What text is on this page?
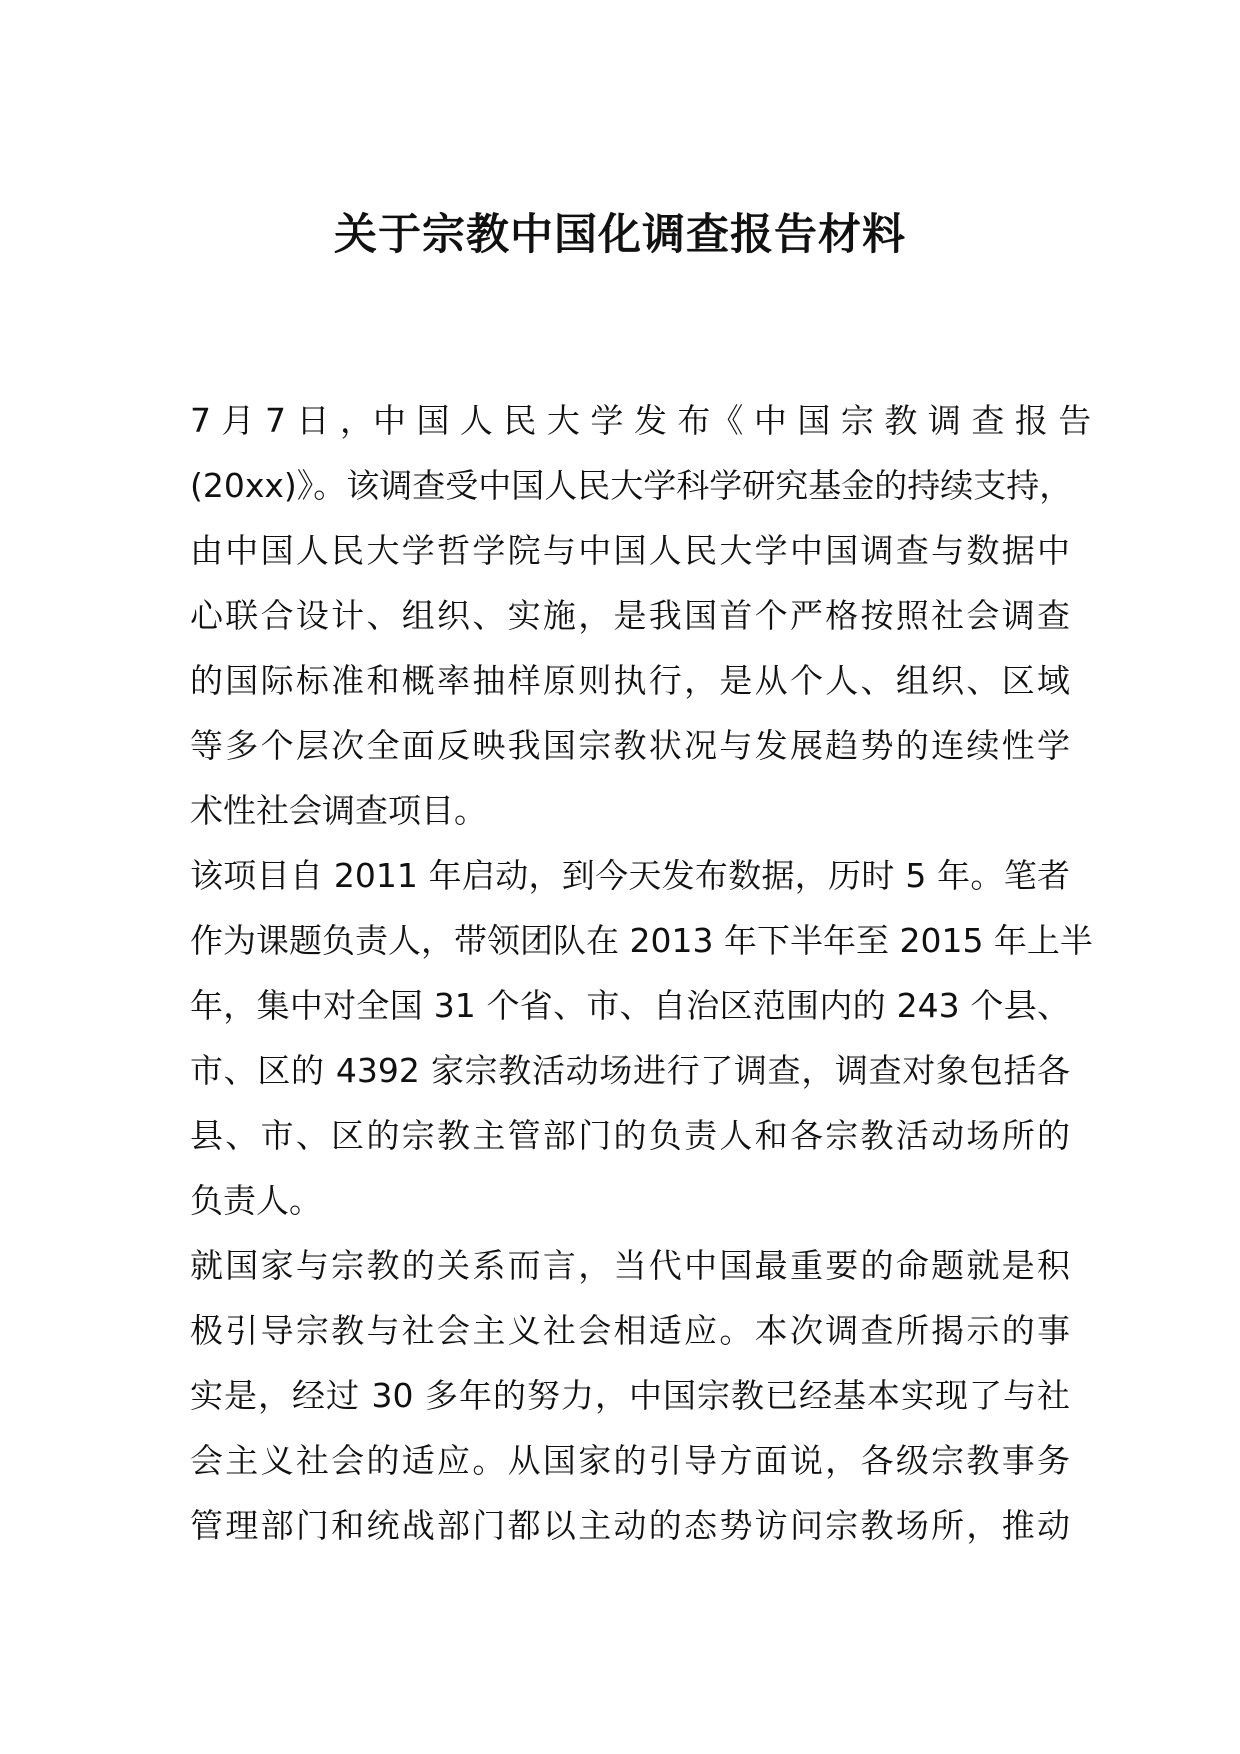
关于宗教中国化调查报告材料

7 月 7 日 ，中 国 人 民 大 学 发 布《 中 国 宗 教 调 查 报 告

(20xx)》。该调查受中国人民大学科学研究基金的持续支持，

由中国人民大学哲学院与中国人民大学中国调查与数据中

心联合设计、组织、实施，是我国首个严格按照社会调查

的国际标准和概率抽样原则执行，是从个人、组织、区域

等多个层次全面反映我国宗教状况与发展趋势的连续性学

术性社会调查项目。

该项目自 2011 年启动，到今天发布数据，历时 5 年。笔者

作为课题负责人，带领团队在 2013 年下半年至 2015 年上半

年，集中对全国 31 个省、市、自治区范围内的 243 个县、

市、区的 4392 家宗教活动场进行了调查，调查对象包括各

县、市、区的宗教主管部门的负责人和各宗教活动场所的

负责人。

就国家与宗教的关系而言，当代中国最重要的命题就是积

极引导宗教与社会主义社会相适应。本次调查所揭示的事

实是，经过 30 多年的努力，中国宗教已经基本实现了与社

会主义社会的适应。从国家的引导方面说，各级宗教事务

管理部门和统战部门都以主动的态势访问宗教场所，推动
